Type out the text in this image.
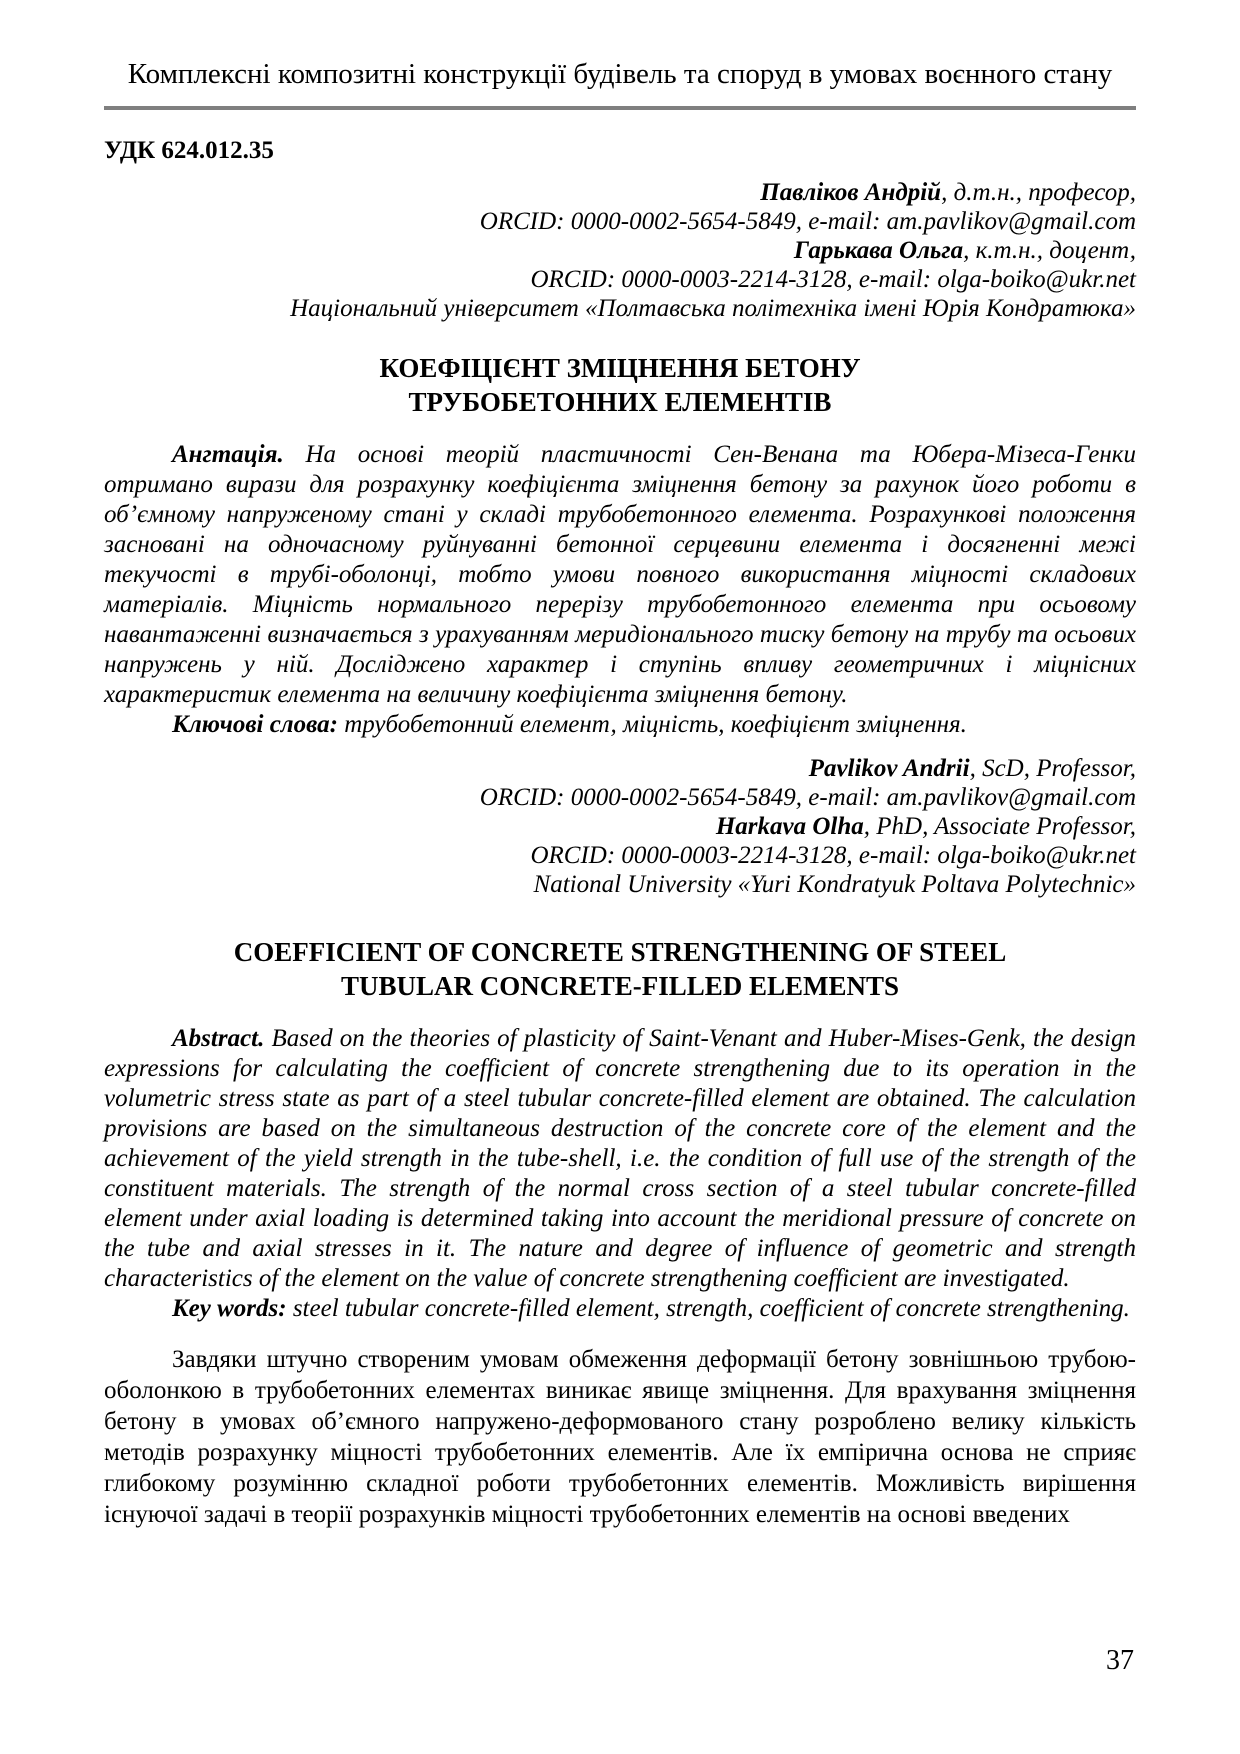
Комплексні композитні конструкції будівель та споруд в умовах воєнного стану
УДК 624.012.35
Павліков Андрій, д.т.н., професор,
ORCID: 0000-0002-5654-5849, e-mail: am.pavlikov@gmail.com
Гарькава Ольга, к.т.н., доцент,
ORCID: 0000-0003-2214-3128, e-mail: olga-boiko@ukr.net
Національний університет «Полтавська політехніка імені Юрія Кондратюка»
КОЕФІЦІЄНТ ЗМІЦНЕННЯ БЕТОНУ
ТРУБОБЕТОННИХ ЕЛЕМЕНТІВ

Ангтація. На основі теорій пластичності Сен-Венана та Юбера-Мізеса-Генки отримано вирази для розрахунку коефіцієнта зміцнення бетону за рахунок його роботи в об’ємному напруженому стані у складі трубобетонного елемента. Розрахункові положення засновані на одночасному руйнуванні бетонної серцевини елемента і досягненні межі текучості в трубі-оболонці, тобто умови повного використання міцності складових матеріалів. Міцність нормального перерізу трубобетонного елемента при осьовому навантаженні визначається з урахуванням меридіонального тиску бетону на трубу та осьових напружень у ній. Досліджено характер і ступінь впливу геометричних і міцнісних характеристик елемента на величину коефіцієнта зміцнення бетону.

Ключові слова: трубобетонний елемент, міцність, коефіцієнт зміцнення.

Pavlikov Andrii, ScD, Professor,
ORCID: 0000-0002-5654-5849, e-mail: am.pavlikov@gmail.com
Harkava Olha, PhD, Associate Professor,
ORCID: 0000-0003-2214-3128, e-mail: olga-boiko@ukr.net
National University «Yuri Kondratyuk Poltava Polytechnic»
COEFFICIENT OF CONCRETE STRENGTHENING OF STEEL
TUBULAR CONCRETE-FILLED ELEMENTS

Abstract. Based on the theories of plasticity of Saint-Venant and Huber-Mises-Genk, the design expressions for calculating the coefficient of concrete strengthening due to its operation in the volumetric stress state as part of a steel tubular concrete-filled element are obtained. The calculation provisions are based on the simultaneous destruction of the concrete core of the element and the achievement of the yield strength in the tube-shell, i.e. the condition of full use of the strength of the constituent materials. The strength of the normal cross section of a steel tubular concrete-filled element under axial loading is determined taking into account the meridional pressure of concrete on the tube and axial stresses in it. The nature and degree of influence of geometric and strength characteristics of the element on the value of concrete strengthening coefficient are investigated.

Key words: steel tubular concrete-filled element, strength, coefficient of concrete strengthening.

Завдяки штучно створеним умовам обмеження деформації бетону зовнішньою трубою-оболонкою в трубобетонних елементах виникає явище зміцнення. Для врахування зміцнення бетону в умовах об’ємного напружено-деформованого стану розроблено велику кількість методів розрахунку міцності трубобетонних елементів. Але їх емпірична основа не сприяє глибокому розумінню складної роботи трубобетонних елементів. Можливість вирішення існуючої задачі в теорії розрахунків міцності трубобетонних елементів на основі введених

37
